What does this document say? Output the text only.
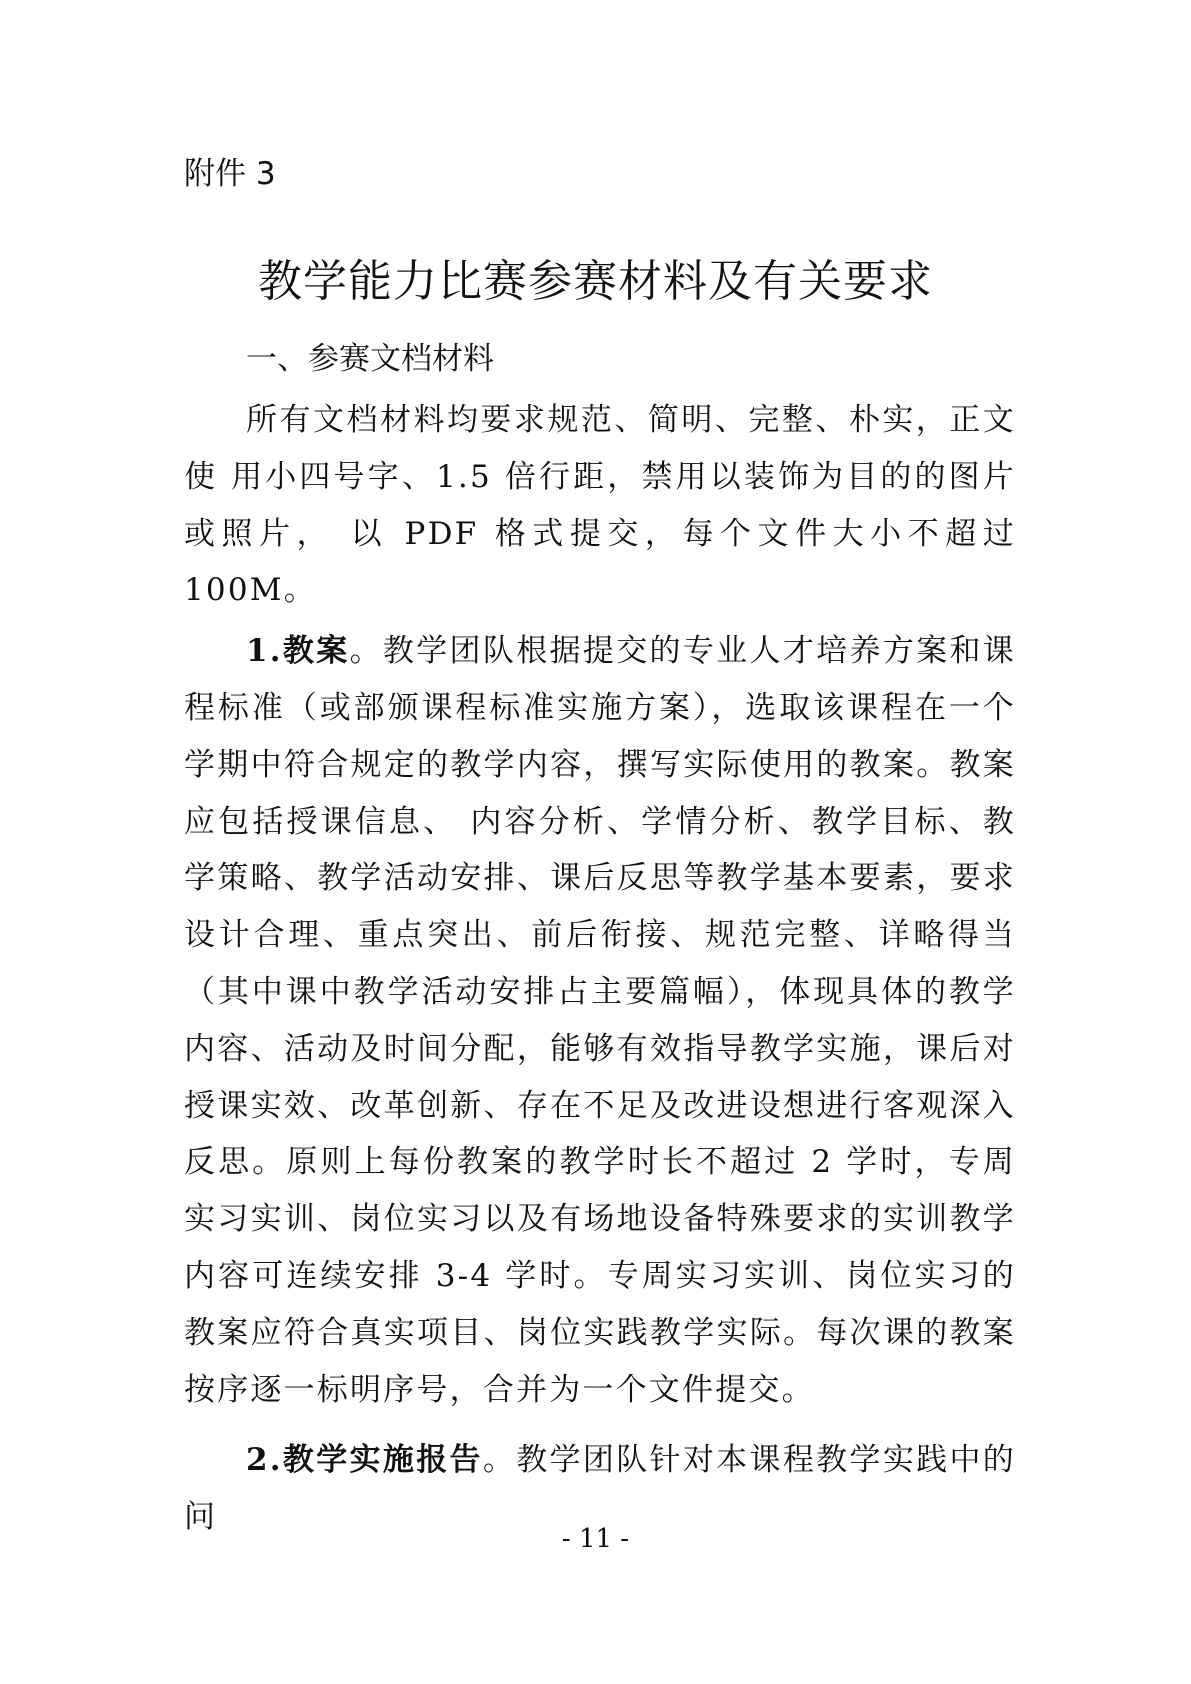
附件 3
教学能力比赛参赛材料及有关要求

一、参赛文档材料

所有文档材料均要求规范、简明、完整、朴实，正文使 用小四号字、1.5 倍行距，禁用以装饰为目的的图片或照片， 以 PDF 格式提交，每个文件大小不超过 100M。

1.教案。教学团队根据提交的专业人才培养方案和课程标准（或部颁课程标准实施方案），选取该课程在一个学期中符合规定的教学内容，撰写实际使用的教案。教案应包括授课信息、 内容分析、学情分析、教学目标、教学策略、教学活动安排、课后反思等教学基本要素，要求设计合理、重点突出、前后衔接、规范完整、详略得当（其中课中教学活动安排占主要篇幅），体现具体的教学内容、活动及时间分配，能够有效指导教学实施，课后对授课实效、改革创新、存在不足及改进设想进行客观深入反思。原则上每份教案的教学时长不超过 2 学时，专周实习实训、岗位实习以及有场地设备特殊要求的实训教学内容可连续安排 3-4 学时。专周实习实训、岗位实习的教案应符合真实项目、岗位实践教学实际。每次课的教案按序逐一标明序号，合并为一个文件提交。

2.教学实施报告。教学团队针对本课程教学实践中的问

- 11 -
